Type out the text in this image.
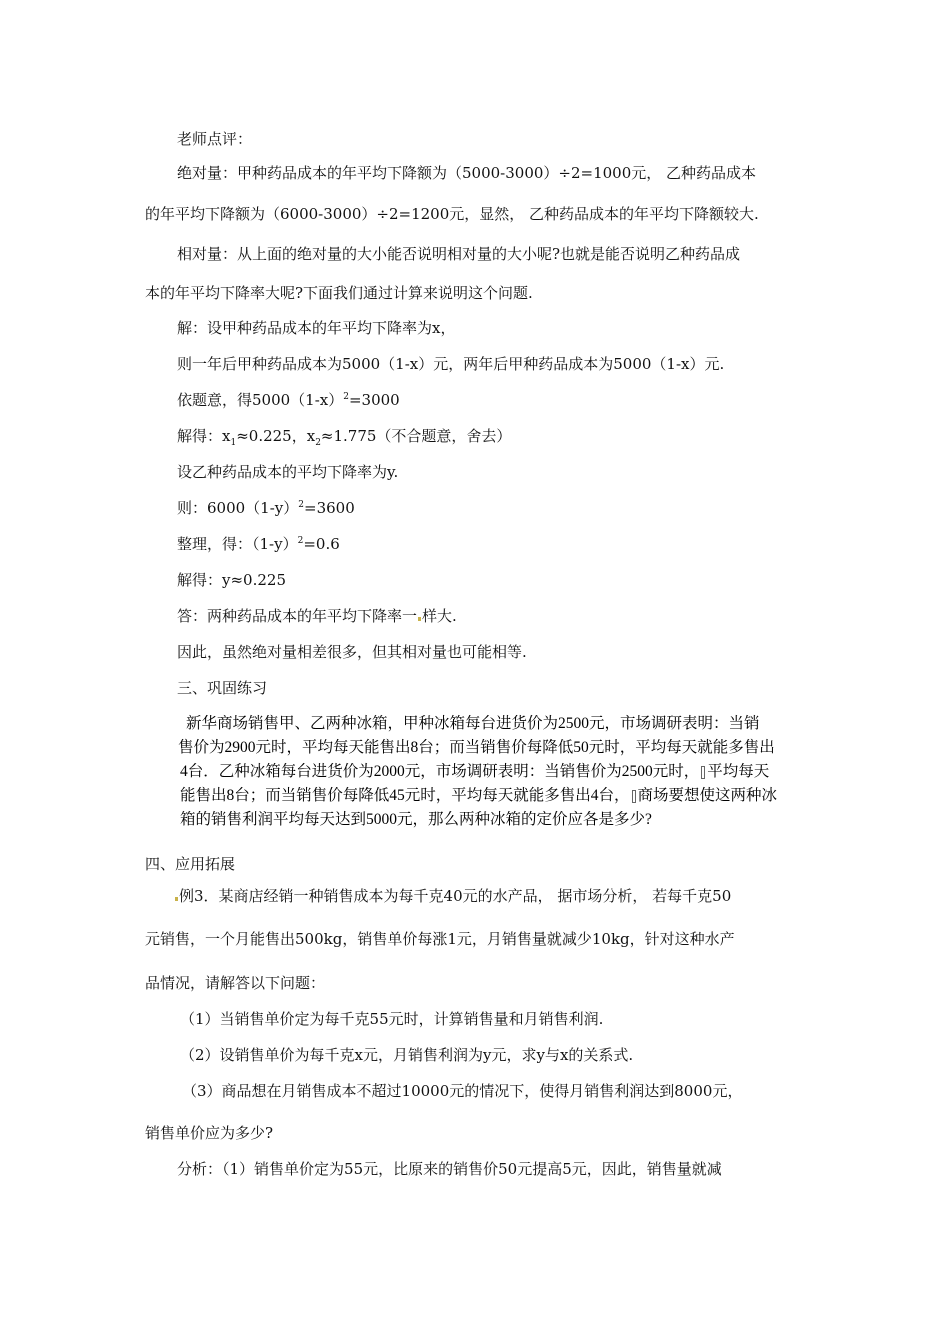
老师点评：
绝对量：甲种药品成本的年平均下降额为（5000-3000）÷2=1000元， 乙种药品成本
的年平均下降额为（6000-3000）÷2=1200元，显然， 乙种药品成本的年平均下降额较大.
相对量：从上面的绝对量的大小能否说明相对量的大小呢?也就是能否说明乙种药品成
本的年平均下降率大呢?下面我们通过计算来说明这个问题.
解：设甲种药品成本的年平均下降率为x，
则一年后甲种药品成本为5000（1-x）元，两年后甲种药品成本为5000（1-x）元.
依题意，得$5000(1-x)^2=3000$
解得：$x_1\approx 0.225$，$x_2\approx 1.775$（不合题意，舍去）
设乙种药品成本的平均下降率为y.
则：$6000(1-y)^2=3600$
整理，得：$(1-y)^2=0.6$
解得：y≈0.225
答：两种药品成本的年平均下降率一 样大.
因此，虽然绝对量相差很多，但其相对量也可能相等.
三、巩固练习
新华商场销售甲、乙两种冰箱，甲种冰箱每台进货价为2500元，市场调研表明：当销
售价为2900元时，平均每天能售出8台；而当销售价每降低50元时，平均每天就能多售出
4台．乙种冰箱每台进货价为2000元，市场调研表明：当销售价为2500元时， 平均每天
能售出8台；而当销售价每降低45元时，平均每天就能多售出4台， 商场要想使这两种冰
箱的销售利润平均每天达到5000元，那么两种冰箱的定价应各是多少?
四、应用拓展
例3．某商店经销一种销售成本为每千克40元的水产品， 据市场分析， 若每千克50
元销售，一个月能售出500kg，销售单价每涨1元，月销售量就减少10kg，针对这种水产
品情况，请解答以下问题：
（1）当销售单价定为每千克55元时，计算销售量和月销售利润.
（2）设销售单价为每千克x元，月销售利润为y元，求y与x的关系式.
（3）商品想在月销售成本不超过10000元的情况下，使得月销售利润达到8000元，
销售单价应为多少?
分析：（1）销售单价定为55元，比原来的销售价50元提高5元，因此，销售量就减
